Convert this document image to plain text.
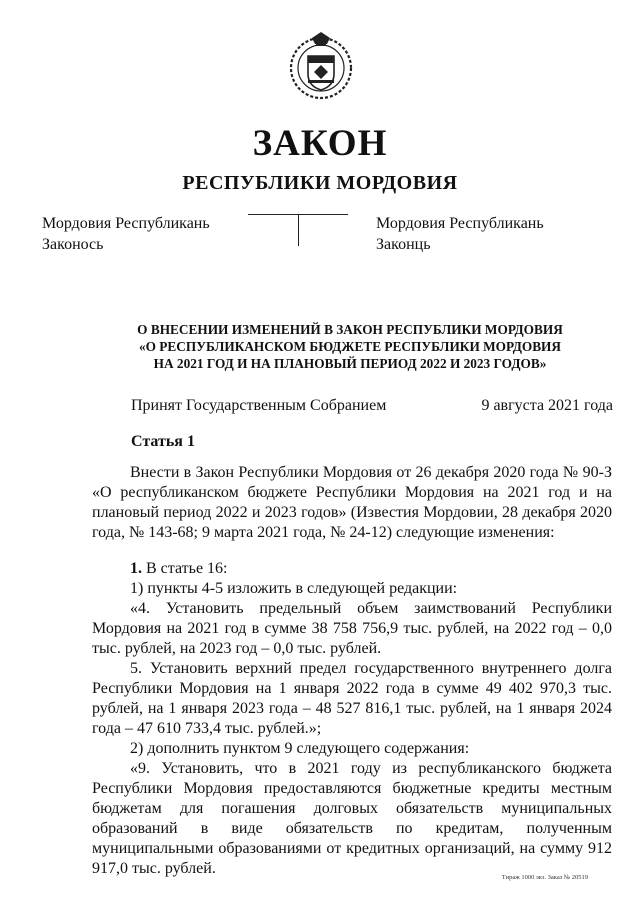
ЗАКОН
РЕСПУБЛИКИ МОРДОВИЯ
Мордовия Республикань
Законось
Мордовия Республикань
Законць
О ВНЕСЕНИИ ИЗМЕНЕНИЙ В ЗАКОН РЕСПУБЛИКИ МОРДОВИЯ
«О РЕСПУБЛИКАНСКОМ БЮДЖЕТЕ РЕСПУБЛИКИ МОРДОВИЯ
НА 2021 ГОД И НА ПЛАНОВЫЙ ПЕРИОД 2022 И 2023 ГОДОВ»
Принят Государственным Собранием	9 августа 2021 года
Статья 1

Внести в Закон Республики Мордовия от 26 декабря 2020 года № 90-З «О республиканском бюджете Республики Мордовия на 2021 год и на плановый период 2022 и 2023 годов» (Известия Мордовии, 28 декабря 2020 года, № 143-68; 9 марта 2021 года, № 24-12) следующие изменения:

1. В статье 16:

1) пункты 4-5 изложить в следующей редакции:

«4. Установить предельный объем заимствований Республики Мордовия на 2021 год в сумме 38 758 756,9 тыс. рублей, на 2022 год – 0,0 тыс. рублей, на 2023 год – 0,0 тыс. рублей.

5. Установить верхний предел государственного внутреннего долга Республики Мордовия на 1 января 2022 года в сумме 49 402 970,3 тыс. рублей, на 1 января 2023 года – 48 527 816,1 тыс. рублей, на 1 января 2024 года – 47 610 733,4 тыс. рублей.»;

2) дополнить пунктом 9 следующего содержания:

«9. Установить, что в 2021 году из республиканского бюджета Республики Мордовия предоставляются бюджетные кредиты местным бюджетам для погашения долговых обязательств муниципальных образований в виде обязательств по кредитам, полученным муниципальными образованиями от кредитных организаций, на сумму 912 917,0 тыс. рублей.

Тираж 1000 экз. Заказ № 20519
